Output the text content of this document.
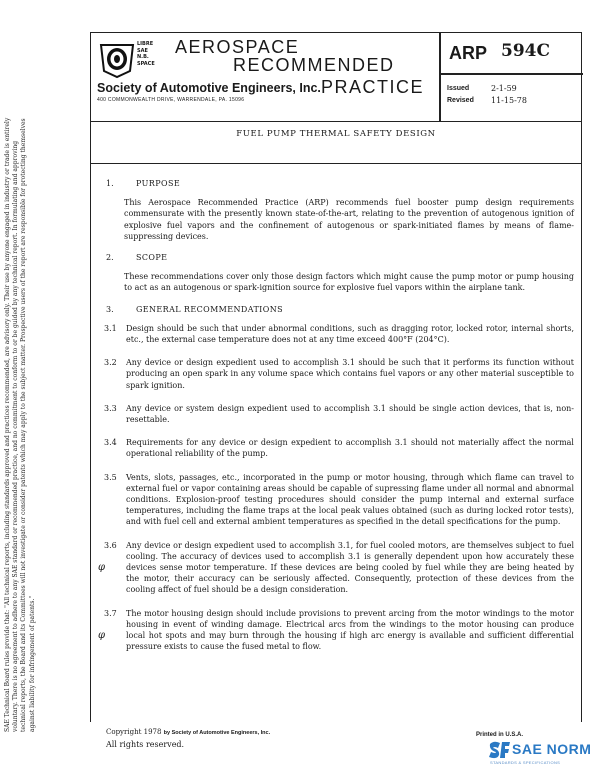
SAE Technical Board rules provide that: "All technical reports, including standards approved and practices recommended, are advisory only. Their use by anyone engaged in industry or trade is entirely voluntary. There is no agreement to adhere to any SAE standard or recommended practice, and no commitment to conform to or be guided by any technical report. In formulating and approving technical reports, the Board and its Committees will not investigate or consider patents which may apply to the subject matter. Prospective users of the report are responsible for protecting themselves against liability for infringement of patents."
LIBRE
SAE
N.B.
SPACE
AEROSPACE
RECOMMENDED
PRACTICE
Society of Automotive Engineers, Inc.
400 COMMONWEALTH DRIVE, WARRENDALE, PA. 15096
ARP 594C
Issued	2-1-59
Revised	11-15-78
FUEL PUMP THERMAL SAFETY DESIGN
1.	PURPOSE
This Aerospace Recommended Practice (ARP) recommends fuel booster pump design requirements commensurate with the presently known state-of-the-art, relating to the prevention of autogenous ignition of explosive fuel vapors and the confinement of autogenous or spark-initiated flames by means of flame-suppressing devices.
2.	SCOPE
These recommendations cover only those design factors which might cause the pump motor or pump housing to act as an autogenous or spark-ignition source for explosive fuel vapors within the airplane tank.
3.	GENERAL RECOMMENDATIONS
3.1	Design should be such that under abnormal conditions, such as dragging rotor, locked rotor, internal shorts, etc., the external case temperature does not at any time exceed 400°F (204°C).
3.2	Any device or design expedient used to accomplish 3.1 should be such that it performs its function without producing an open spark in any volume space which contains fuel vapors or any other material susceptible to spark ignition.
3.3	Any device or system design expedient used to accomplish 3.1 should be single action devices, that is, non-resettable.
3.4	Requirements for any device or design expedient to accomplish 3.1 should not materially affect the normal operational reliability of the pump.
3.5	Vents, slots, passages, etc., incorporated in the pump or motor housing, through which flame can travel to external fuel or vapor containing areas should be capable of supressing flame under all normal and abnormal conditions. Explosion-proof testing procedures should consider the pump internal and external surface temperatures, including the flame traps at the local peak values obtained (such as during locked rotor tests), and with fuel cell and external ambient temperatures as specified in the detail specifications for the pump.
φ
3.6	Any device or design expedient used to accomplish 3.1, for fuel cooled motors, are themselves subject to fuel cooling. The accuracy of devices used to accomplish 3.1 is generally dependent upon how accurately these devices sense motor temperature. If these devices are being cooled by fuel while they are being heated by the motor, their accuracy can be seriously affected. Consequently, protection of these devices from the cooling affect of fuel should be a design consideration.
φ
3.7	The motor housing design should include provisions to prevent arcing from the motor windings to the motor housing in event of winding damage. Electrical arcs from the windings to the motor housing can produce local hot spots and may burn through the housing if high arc energy is available and sufficient differential pressure exists to cause the fused metal to flow.
Copyright 1978 by Society of Automotive Engineers, Inc.
All rights reserved.
Printed in U.S.A.
SAE NORM
STANDARDS & SPECIFICATIONS
